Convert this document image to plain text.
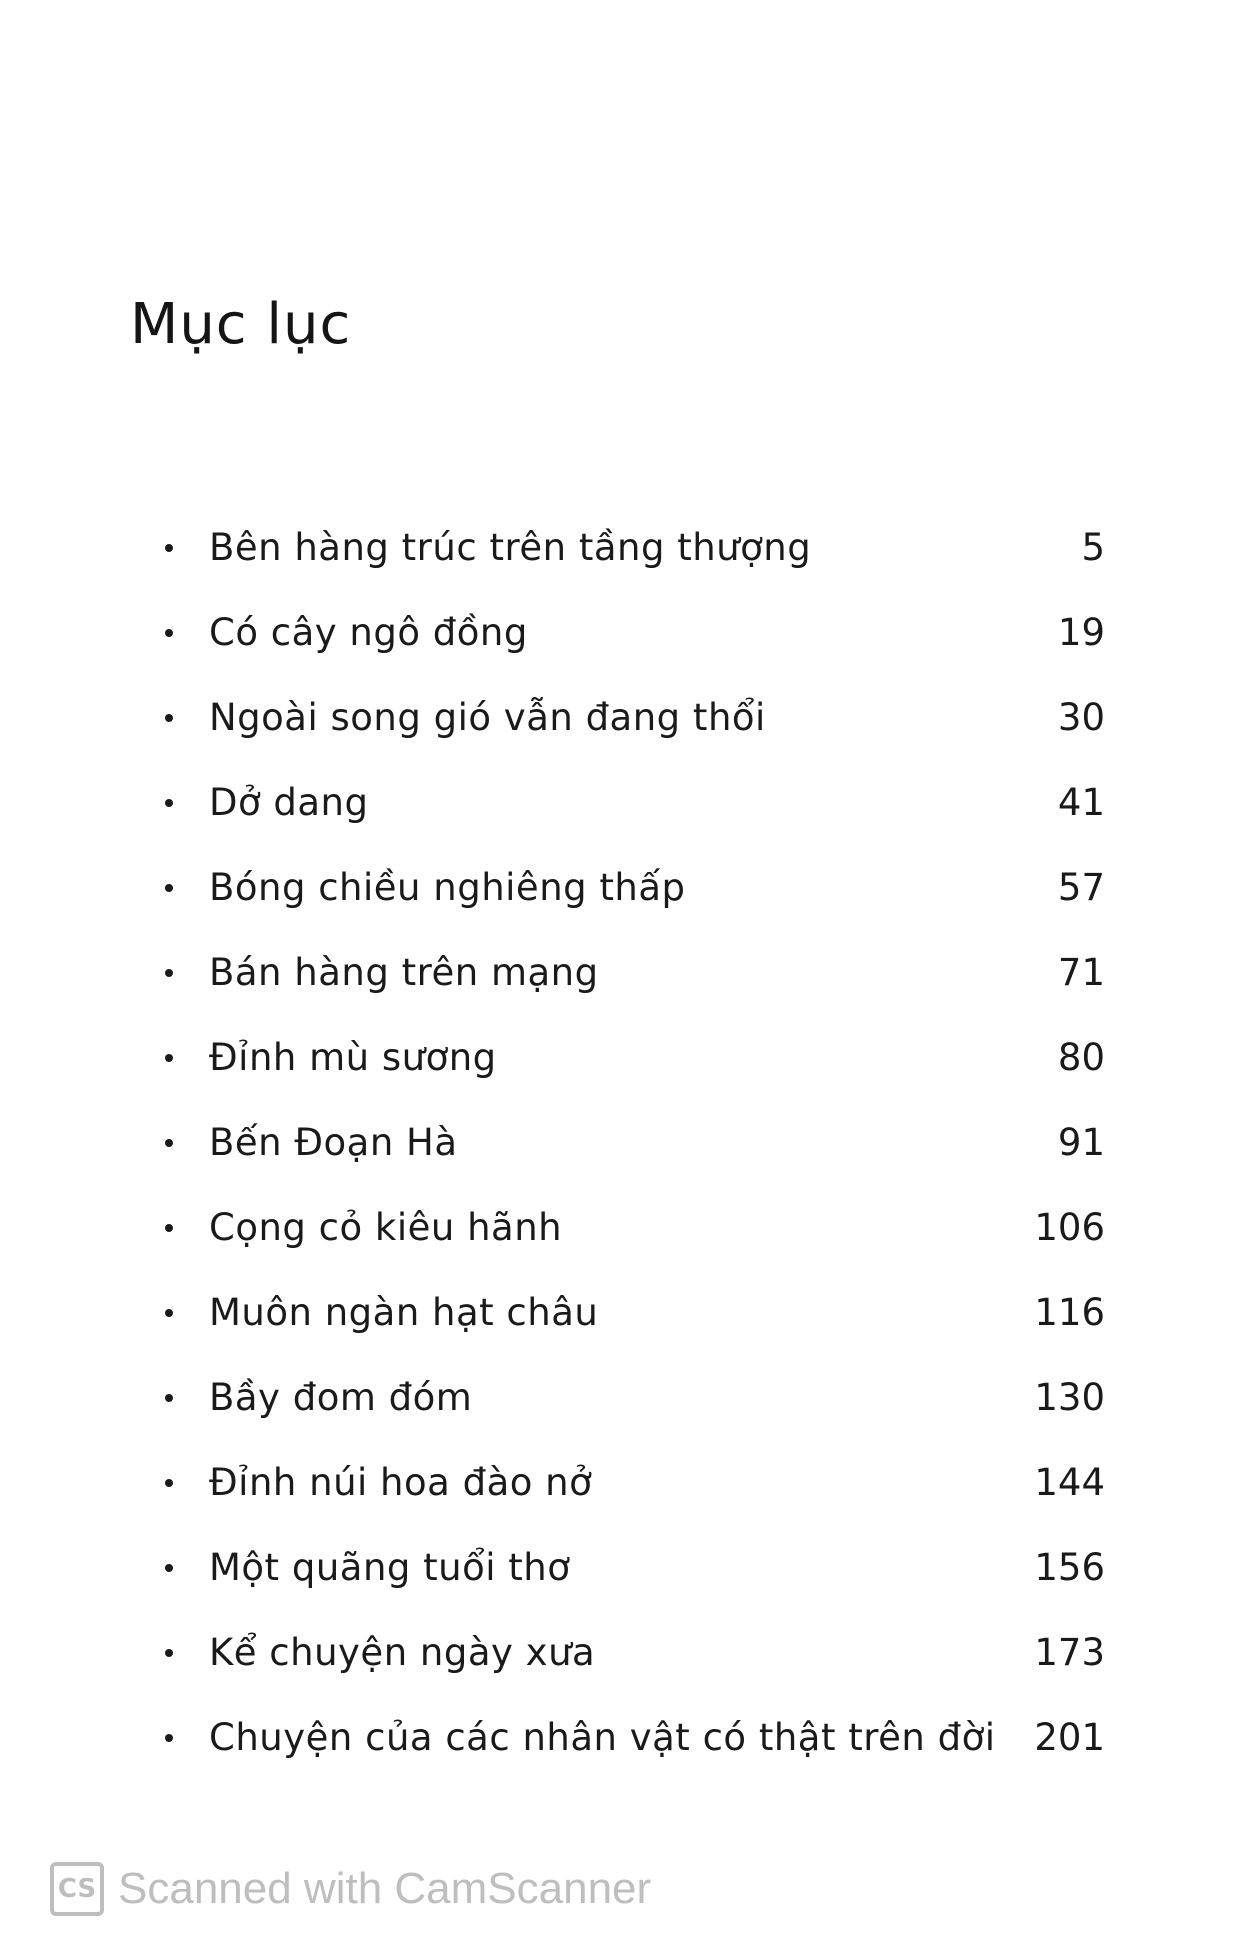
Mục lục
Bên hàng trúc trên tầng thượng	5
Có cây ngô đồng	19
Ngoài song gió vẫn đang thổi	30
Dở dang	41
Bóng chiều nghiêng thấp	57
Bán hàng trên mạng	71
Đỉnh mù sương	80
Bến Đoạn Hà	91
Cọng cỏ kiêu hãnh	106
Muôn ngàn hạt châu	116
Bầy đom đóm	130
Đỉnh núi hoa đào nở	144
Một quãng tuổi thơ	156
Kể chuyện ngày xưa	173
Chuyện của các nhân vật có thật trên đời 201
CS Scanned with CamScanner
